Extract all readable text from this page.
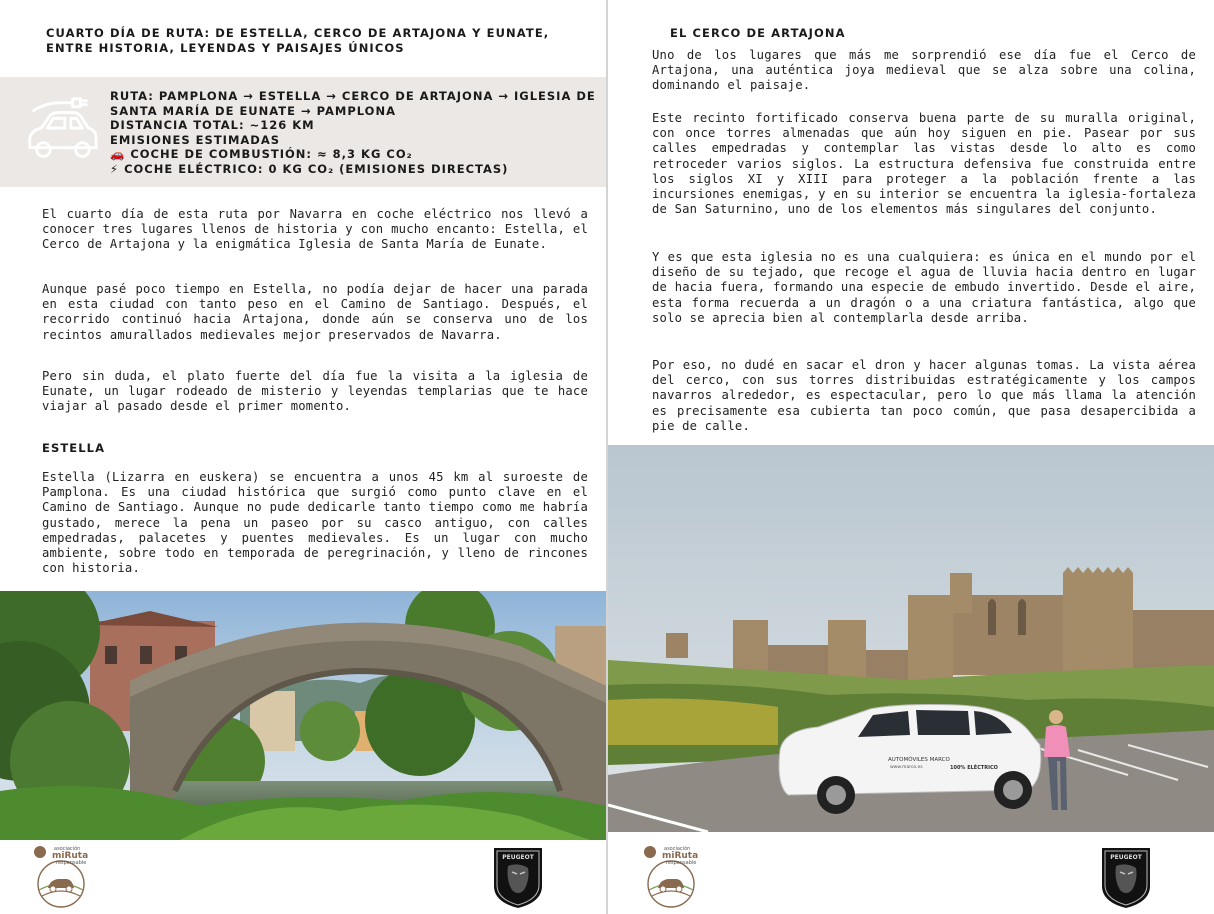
CUARTO DÍA DE RUTA: DE ESTELLA, CERCO DE ARTAJONA Y EUNATE, ENTRE HISTORIA, LEYENDAS Y PAISAJES ÚNICOS
RUTA: PAMPLONA → ESTELLA → CERCO DE ARTAJONA → IGLESIA DE
SANTA MARÍA DE EUNATE → PAMPLONA
DISTANCIA TOTAL: ~126 KM
EMISIONES ESTIMADAS
🚗 COCHE DE COMBUSTIÓN: ≈ 8,3 KG CO₂
⚡ COCHE ELÉCTRICO: 0 KG CO₂ (EMISIONES DIRECTAS)

El cuarto día de esta ruta por Navarra en coche eléctrico nos llevó a conocer tres lugares llenos de historia y con mucho encanto: Estella, el Cerco de Artajona y la enigmática Iglesia de Santa María de Eunate.

Aunque pasé poco tiempo en Estella, no podía dejar de hacer una parada en esta ciudad con tanto peso en el Camino de Santiago. Después, el recorrido continuó hacia Artajona, donde aún se conserva uno de los recintos amurallados medievales mejor preservados de Navarra.

Pero sin duda, el plato fuerte del día fue la visita a la iglesia de Eunate, un lugar rodeado de misterio y leyendas templarias que te hace viajar al pasado desde el primer momento.

ESTELLA

Estella (Lizarra en euskera) se encuentra a unos 45 km al suroeste de Pamplona. Es una ciudad histórica que surgió como punto clave en el Camino de Santiago. Aunque no pude dedicarle tanto tiempo como me habría gustado, merece la pena un paseo por su casco antiguo, con calles empedradas, palacetes y puentes medievales. Es un lugar con mucho ambiente, sobre todo en temporada de peregrinación, y lleno de rincones con historia.

asociación
miRuta
responsable
PEUGEOT
EL CERCO DE ARTAJONA

Uno de los lugares que más me sorprendió ese día fue el Cerco de Artajona, una auténtica joya medieval que se alza sobre una colina, dominando el paisaje.

Este recinto fortificado conserva buena parte de su muralla original, con once torres almenadas que aún hoy siguen en pie. Pasear por sus calles empedradas y contemplar las vistas desde lo alto es como retroceder varios siglos. La estructura defensiva fue construida entre los siglos XI y XIII para proteger a la población frente a las incursiones enemigas, y en su interior se encuentra la iglesia-fortaleza de San Saturnino, uno de los elementos más singulares del conjunto.

Y es que esta iglesia no es una cualquiera: es única en el mundo por el diseño de su tejado, que recoge el agua de lluvia hacia dentro en lugar de hacia fuera, formando una especie de embudo invertido. Desde el aire, esta forma recuerda a un dragón o a una criatura fantástica, algo que solo se aprecia bien al contemplarla desde arriba.

Por eso, no dudé en sacar el dron y hacer algunas tomas. La vista aérea del cerco, con sus torres distribuidas estratégicamente y los campos navarros alrededor, es espectacular, pero lo que más llama la atención es precisamente esa cubierta tan poco común, que pasa desapercibida a pie de calle.

AUTOMÓVILES MARCO
www.marco.es	100% ELÉCTRICO
asociación
miRuta
responsable
PEUGEOT
